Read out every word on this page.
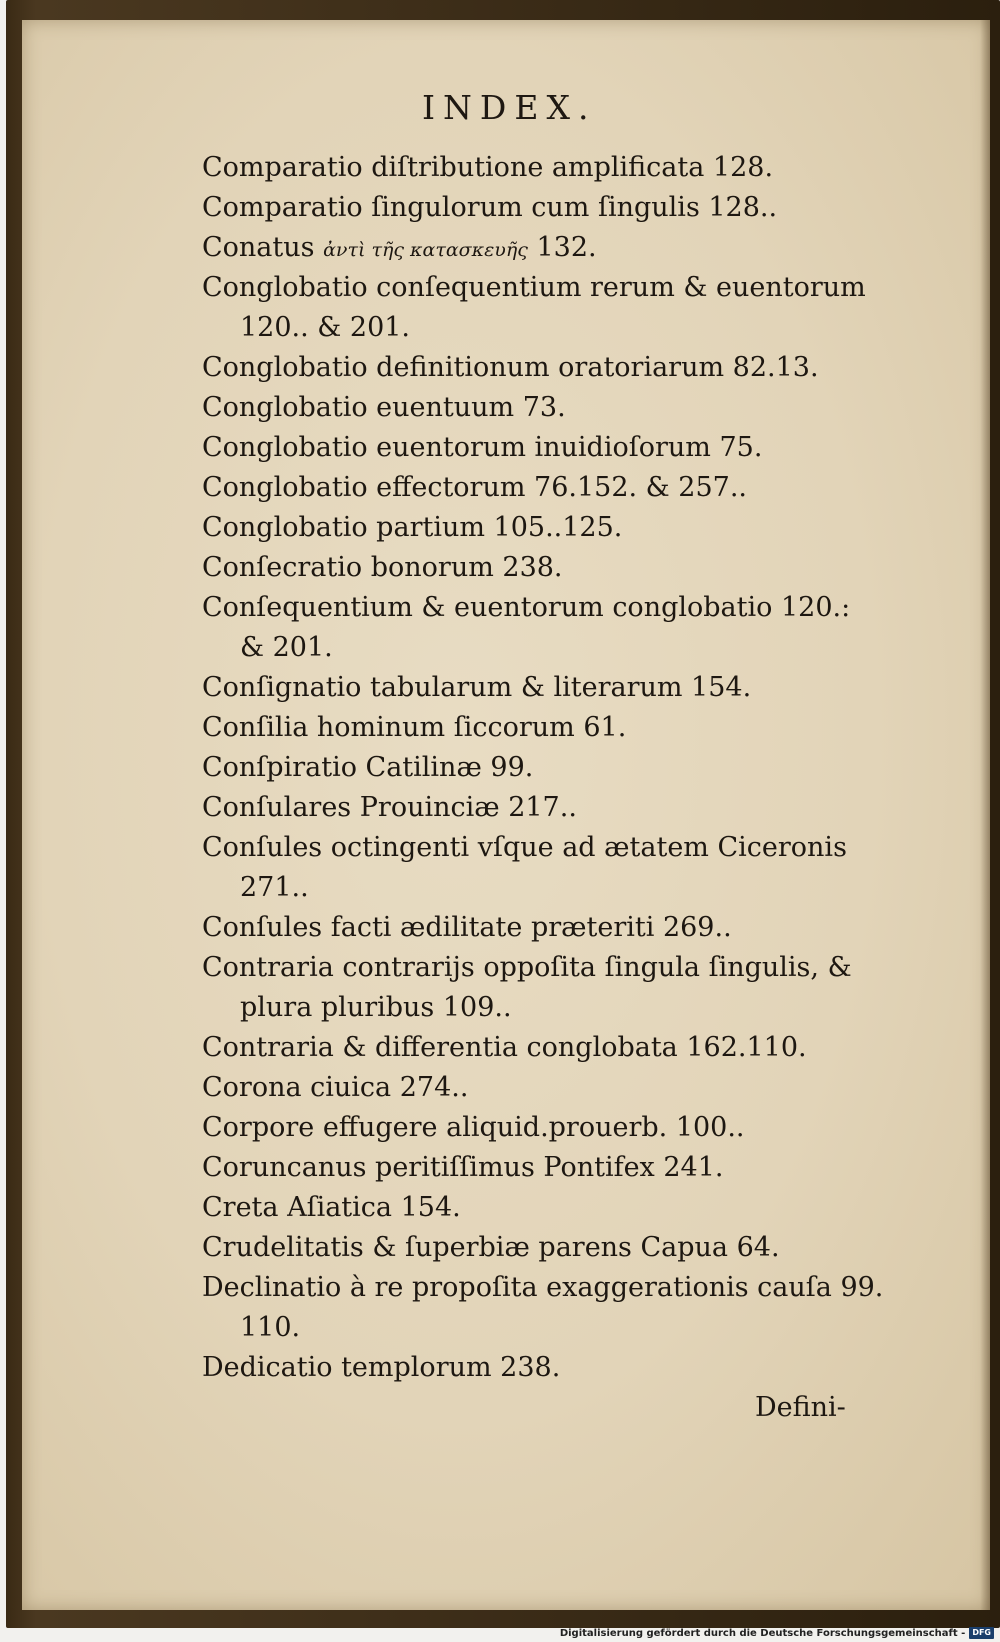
INDEX.
Comparatio diſtributione amplificata 128.
Comparatio ſingulorum cum ſingulis 128..
Conatus ἀντὶ τῆς κατασκευῆς 132.
Conglobatio conſequentium rerum & euentorum
120.. & 201.
Conglobatio definitionum oratoriarum 82.13.
Conglobatio euentuum 73.
Conglobatio euentorum inuidioſorum 75.
Conglobatio effectorum 76.152. & 257..
Conglobatio partium 105..125.
Conſecratio bonorum 238.
Conſequentium & euentorum conglobatio 120.:
& 201.
Conſignatio tabularum & literarum 154.
Conſilia hominum ſiccorum 61.
Conſpiratio Catilinæ 99.
Conſulares Prouinciæ 217..
Conſules octingenti vſque ad ætatem Ciceronis
271..
Conſules facti ædilitate præteriti 269..
Contraria contrarijs oppoſita ſingula ſingulis, &
plura pluribus 109..
Contraria & differentia conglobata 162.110.
Corona ciuica 274..
Corpore effugere aliquid.prouerb. 100..
Coruncanus peritiſſimus Pontifex 241.
Creta Aſiatica 154.
Crudelitatis & ſuperbiæ parens Capua 64.
Declinatio à re propoſita exaggerationis cauſa 99.
110.
Dedicatio templorum 238.
Defini-
Digitalisierung gefördert durch die Deutsche Forschungsgemeinschaft - DFG
